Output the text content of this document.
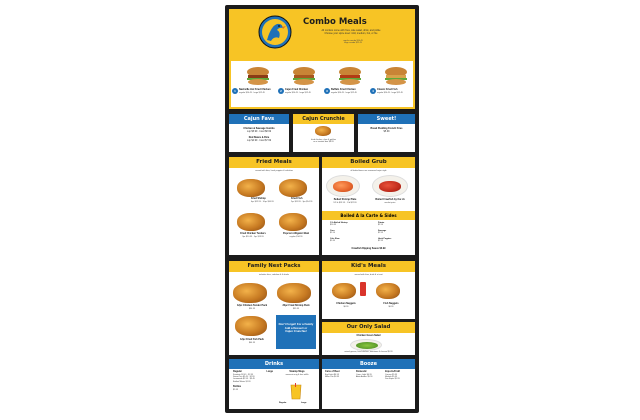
Combo Meals
All combos come with fries, side salad, drink, and pickle
Choose your spice level: mild, medium, hot, or fire
regular combo $10.49
large combo $12.49
1	Nashville Hot Fried Chicken
regular $10.49 · large $12.49	2	Cajun Fried Chicken
regular $10.49 · large $12.49	3	Buffalo Fried Chicken
regular $10.49 · large $12.49	4	Classic Fried Fish
regular $10.49 · large $12.49
Cajun Favs
Chicken & Sausage Gumbo
cup $5.99 · bowl $8.99
Red Beans & Rice
cup $4.99 · bowl $7.99
Cajun Crunchie
fried chicken, slaw & pickles
on a toasted bun $8.99
Sweet!
Bread Pudding French Fries
$5.99
Fried Meals
served with fries, hush puppies & coleslaw
Fried Shrimp
6pc $12.99 · 10pc $16.99
Fried Fish
2pc $11.99 · 3pc $14.99
Fried Chicken Tenders
3pc $10.99 · 5pc $13.99
Popcorn Alligator Meal
regular $14.99
Boiled Grub
all boiled items are seasoned cajun style
Boiled Shrimp Plate
1/2 lb $13.99 · 1 lb $22.99
Boiled Crawfish by the Lb
market price
Boiled A la Carte & Sides
1 lb Boiled Shrimp
$16.99
Potato
$1.50
Corn
$1.50
Sausage
$2.99
Cole Slaw
$2.49
Hush Puppies
$2.99
Crawfish Dipping Sauce $0.99
Family Nest Packs
includes fries, coleslaw & 4 drinks
12pc Chicken Tender Pack
$34.99
20pc Fried Shrimp Pack
$39.99
12pc Fried Fish Pack
$44.99
Don't Forget! For a Family
Add a Dessert or
Cajun Crunchie!
Kid's Meals
served with fries, drink & a treat
Chicken Nuggets
$6.99
Fish Nuggets
$6.99
Our Only Salad
Chicken Green Salad
mixed greens, fried chicken, tomatoes & cheese $9.99
Drinks
Regular	Large
Fountain $2.49 · $2.99
Sweet Tea $2.49 · $2.99
Lemonade $2.99 · $3.49
Bottled Water $1.99
Bottles
$2.49
Swamp Mugs
souvenir mug & free refills
Regular	Large
Booze
21+ ID
Cans of Beer
Bud Light $4.99
Miller Lite $4.99
Domestic
Coors Light $4.99
Abita Amber $5.99
Imports/Craft
Corona $5.99
Modelo $5.99
Dos Equis $5.99
